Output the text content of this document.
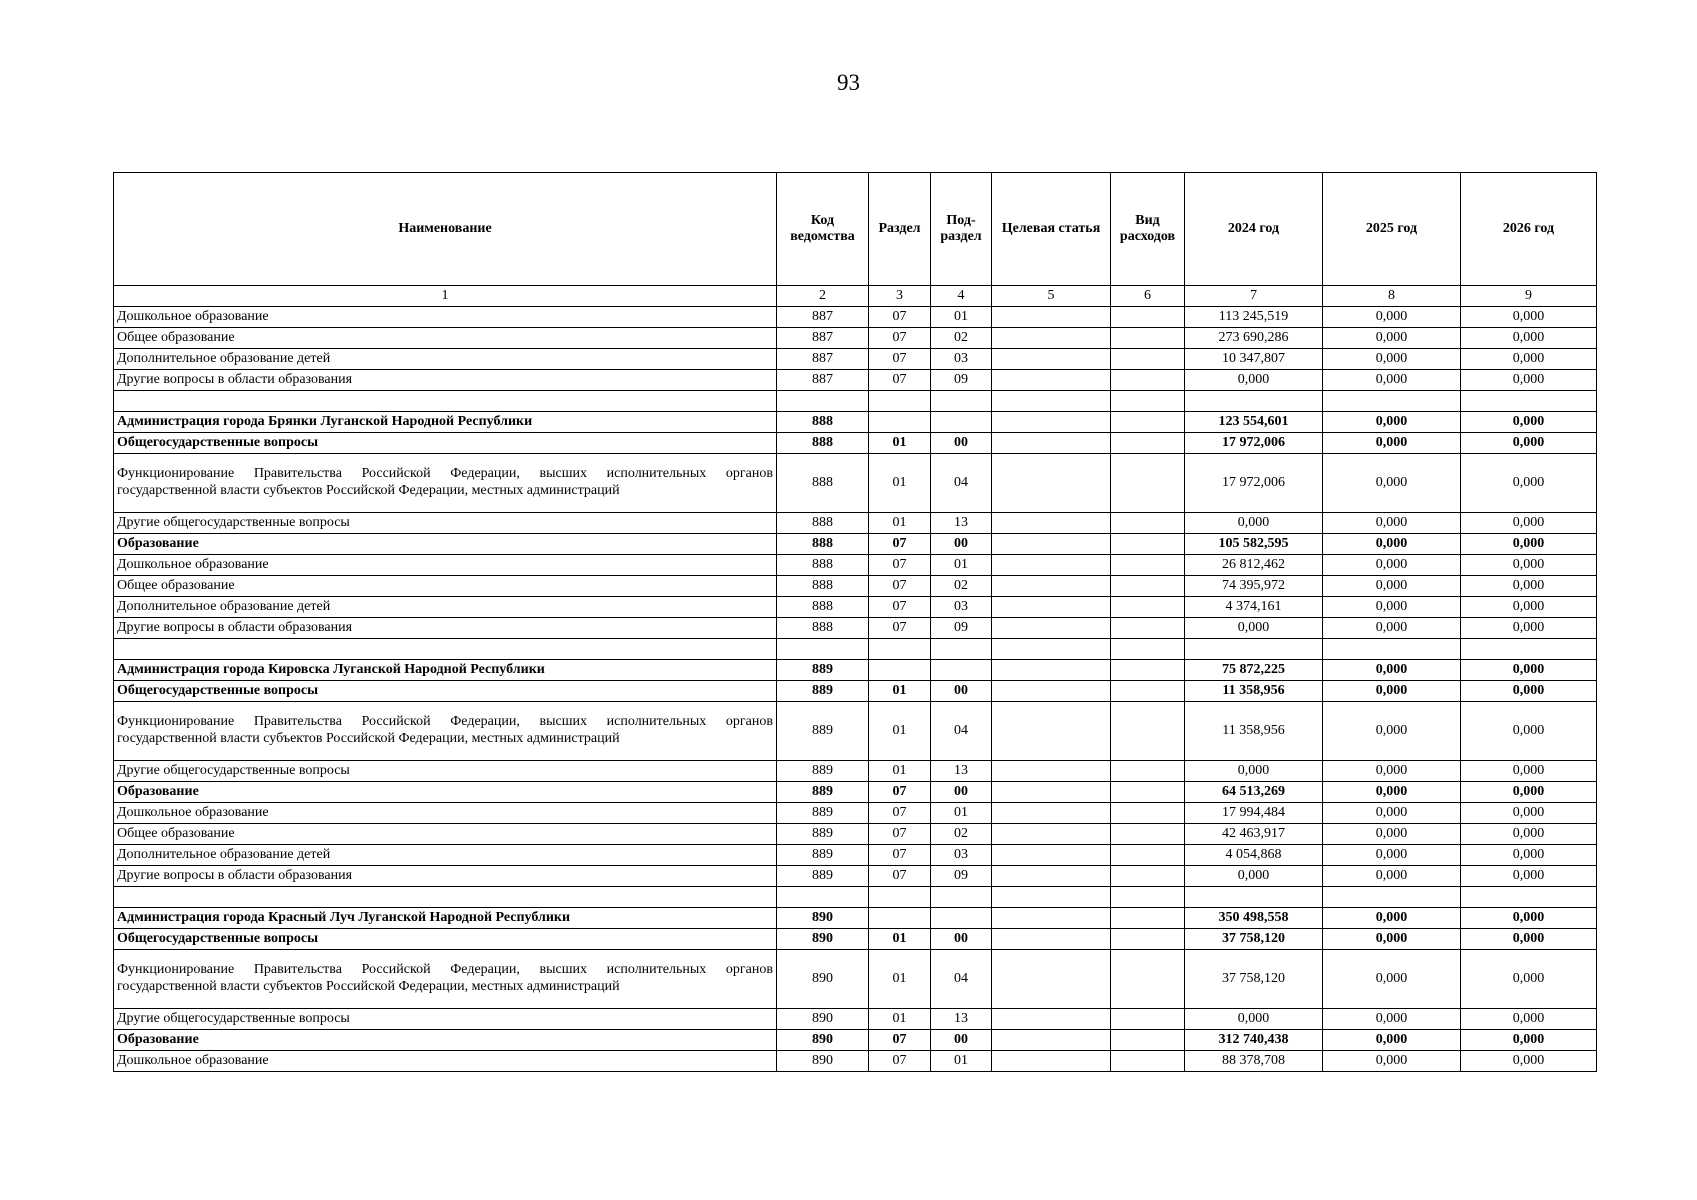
93
Наименование	Код ведомства	Раздел	Под-раздел	Целевая статья	Вид расходов	2024 год	2025 год	2026 год
1	2	3	4	5	6	7	8	9
Дошкольное образование	887	07	01			113 245,519	0,000	0,000
Общее образование	887	07	02			273 690,286	0,000	0,000
Дополнительное образование детей	887	07	03			10 347,807	0,000	0,000
Другие вопросы в области образования	887	07	09			0,000	0,000	0,000

Администрация города Брянки Луганской Народной Республики	888					123 554,601	0,000	0,000
Общегосударственные вопросы	888	01	00			17 972,006	0,000	0,000
Функционирование Правительства Российской Федерации, высших исполнительных органов государственной власти субъектов Российской Федерации, местных администраций	888	01	04			17 972,006	0,000	0,000
Другие общегосударственные вопросы	888	01	13			0,000	0,000	0,000
Образование	888	07	00			105 582,595	0,000	0,000
Дошкольное образование	888	07	01			26 812,462	0,000	0,000
Общее образование	888	07	02			74 395,972	0,000	0,000
Дополнительное образование детей	888	07	03			4 374,161	0,000	0,000
Другие вопросы в области образования	888	07	09			0,000	0,000	0,000

Администрация города Кировска Луганской Народной Республики	889					75 872,225	0,000	0,000
Общегосударственные вопросы	889	01	00			11 358,956	0,000	0,000
Функционирование Правительства Российской Федерации, высших исполнительных органов государственной власти субъектов Российской Федерации, местных администраций	889	01	04			11 358,956	0,000	0,000
Другие общегосударственные вопросы	889	01	13			0,000	0,000	0,000
Образование	889	07	00			64 513,269	0,000	0,000
Дошкольное образование	889	07	01			17 994,484	0,000	0,000
Общее образование	889	07	02			42 463,917	0,000	0,000
Дополнительное образование детей	889	07	03			4 054,868	0,000	0,000
Другие вопросы в области образования	889	07	09			0,000	0,000	0,000

Администрация города Красный Луч Луганской Народной Республики	890					350 498,558	0,000	0,000
Общегосударственные вопросы	890	01	00			37 758,120	0,000	0,000
Функционирование Правительства Российской Федерации, высших исполнительных органов государственной власти субъектов Российской Федерации, местных администраций	890	01	04			37 758,120	0,000	0,000
Другие общегосударственные вопросы	890	01	13			0,000	0,000	0,000
Образование	890	07	00			312 740,438	0,000	0,000
Дошкольное образование	890	07	01			88 378,708	0,000	0,000
